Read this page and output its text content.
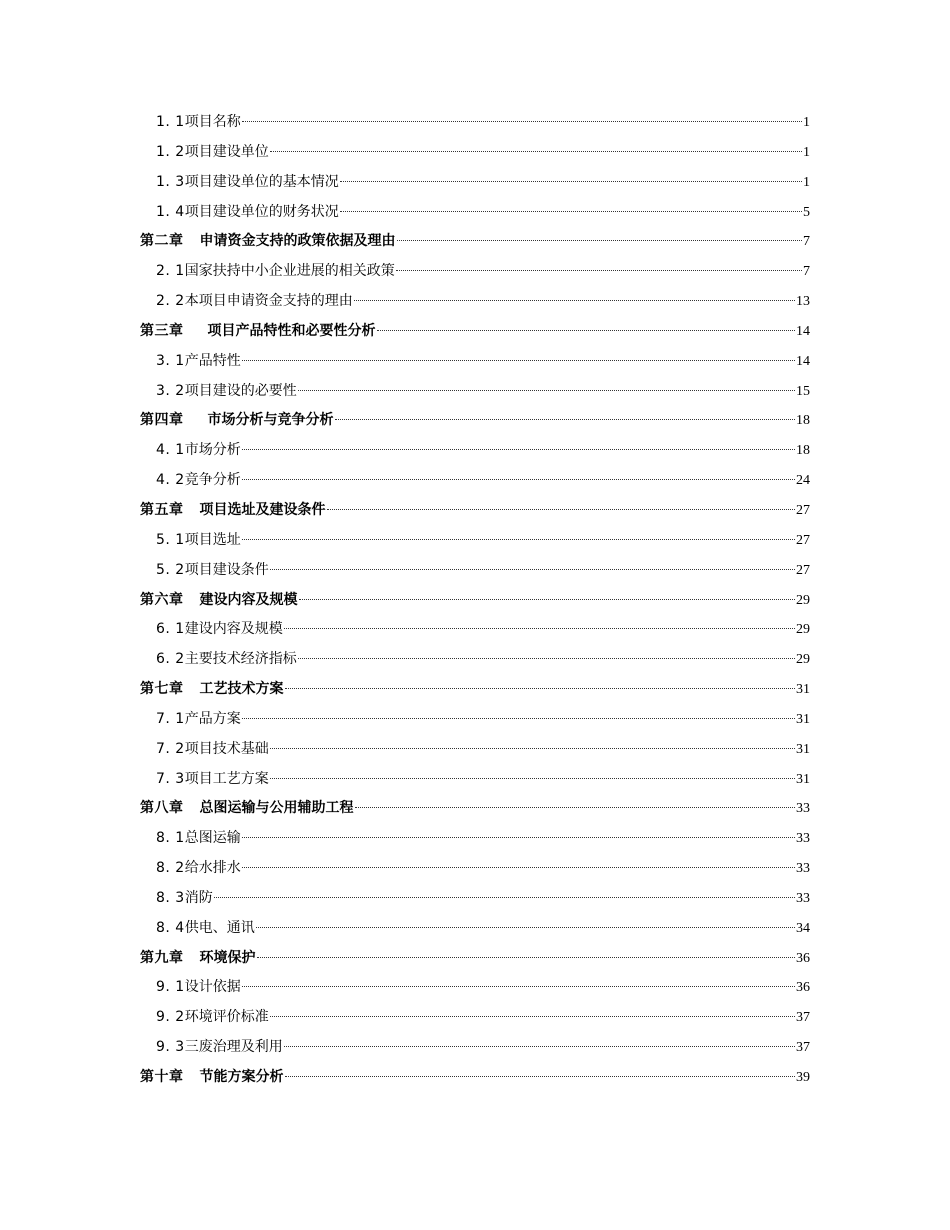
1. 1项目名称	1
1. 2项目建设单位	1
1. 3项目建设单位的基本情况	1
1. 4项目建设单位的财务状况	5
第二章 申请资金支持的政策依据及理由	7
2. 1国家扶持中小企业进展的相关政策	7
2. 2本项目申请资金支持的理由	13
第三章 项目产品特性和必要性分析	14
3. 1产品特性	14
3. 2项目建设的必要性	15
第四章 市场分析与竞争分析	18
4. 1市场分析	18
4. 2竞争分析	24
第五章 项目选址及建设条件	27
5. 1项目选址	27
5. 2项目建设条件	27
第六章 建设内容及规模	29
6. 1建设内容及规模	29
6. 2主要技术经济指标	29
第七章 工艺技术方案	31
7. 1产品方案	31
7. 2项目技术基础	31
7. 3项目工艺方案	31
第八章 总图运输与公用辅助工程	33
8. 1总图运输	33
8. 2给水排水	33
8. 3消防	33
8. 4供电、通讯	34
第九章 环境保护	36
9. 1设计依据	36
9. 2环境评价标准	37
9. 3三废治理及利用	37
第十章 节能方案分析	39
